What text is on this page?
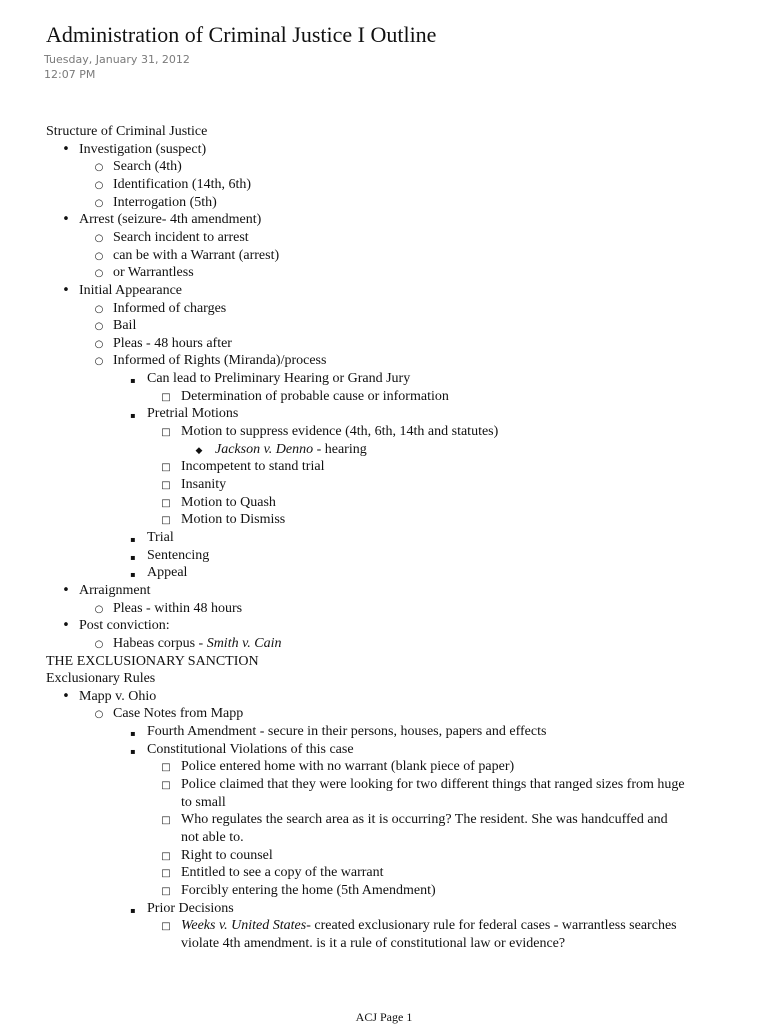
Administration of Criminal Justice I Outline
Tuesday, January 31, 2012
12:07 PM
Structure of Criminal Justice
• Investigation (suspect)
○ Search (4th)
○ Identification (14th, 6th)
○ Interrogation (5th)
• Arrest (seizure- 4th amendment)
○ Search incident to arrest
○ can be with a Warrant (arrest)
○ or Warrantless
• Initial Appearance
○ Informed of charges
○ Bail
○ Pleas - 48 hours after
○ Informed of Rights (Miranda)/process
▪ Can lead to Preliminary Hearing or Grand Jury
□ Determination of probable cause or information
▪ Pretrial Motions
□ Motion to suppress evidence (4th, 6th, 14th and statutes)
◆ Jackson v. Denno - hearing
□ Incompetent to stand trial
□ Insanity
□ Motion to Quash
□ Motion to Dismiss
▪ Trial
▪ Sentencing
▪ Appeal
• Arraignment
○ Pleas - within 48 hours
• Post conviction:
○ Habeas corpus - Smith v. Cain
THE EXCLUSIONARY SANCTION
Exclusionary Rules
• Mapp v. Ohio
○ Case Notes from Mapp
▪ Fourth Amendment - secure in their persons, houses, papers and effects
▪ Constitutional Violations of this case
□ Police entered home with no warrant (blank piece of paper)
□ Police claimed that they were looking for two different things that ranged sizes from huge
to small
□ Who regulates the search area as it is occurring? The resident. She was handcuffed and
not able to.
□ Right to counsel
□ Entitled to see a copy of the warrant
□ Forcibly entering the home (5th Amendment)
▪ Prior Decisions
□ Weeks v. United States- created exclusionary rule for federal cases - warrantless searches
violate 4th amendment. is it a rule of constitutional law or evidence?
ACJ Page 1
